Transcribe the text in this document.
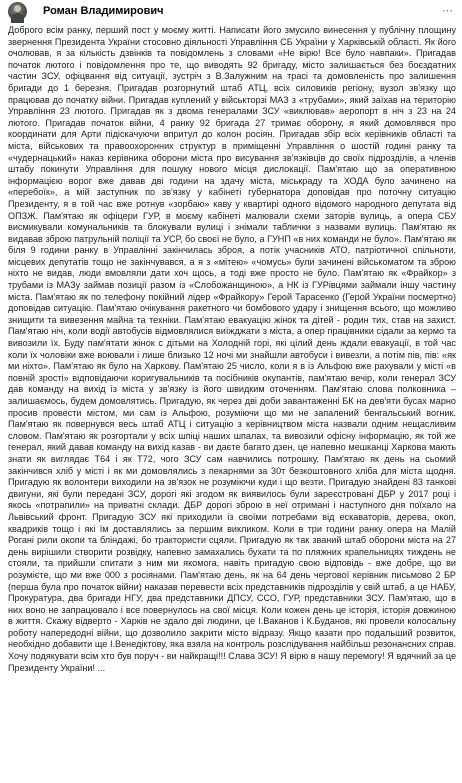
Роман Владимирович	⋯
Доброго всім ранку, перший пост у моєму житті. Написати його змусило винесення у публічну площину звернення Президента України стосовно діяльності Управління СБ України у Харківській області. Як його очолював, я за кількість дзвінків та повідомлень з словами «Не вірю! Все було навпаки». Пригадав початок лютого і повідомлення про те, що виводять 92 бригаду, місто залишається без боєздатних частин ЗСУ, офіцвання від ситуації, зустріч з В.Залужним на трасі та домовленість про залишення бригади до 1 березня. Пригадав розгорнутий штаб АТЦ, всіх силовиків регіону, вузол зв'язку що працював до початку війни. Пригадав куплений у військторзі МАЗ з «трубами», який заїхав на територію Управління 23 лютого. Пригадав як з двома генералами ЗСУ «виклював» аеропорт в ніч з 23 на 24 лютого. Пригадав початок війни, 4 ранку 92 бригада 27 тримає оборону, я який домовлявся про координати для Арти підіскачуючи впритул до колон росіян. Пригадав збір всіх керівників області та міста, військових та правоохоронних структур в приміщенні Управління о шостій годині ранку та «чудернацький» наказ керівника оборони міста про висування зв'язківців до своїх підрозділів, а членів штабу покинути Управління для пошуку нового місця дислокації. Пам'ятаю що за оперативною інформацією ворог вже давав дві години на здачу міста, міськраду та ХОДА було зачинено на «перебоїк», а мій заступник по зв'язку у кабінеті губернатора доповідав про поточну ситуацію Президенту, я в той час вже ротнув «зорбаю» каву у квартирі одного відомого народного депутата від ОПЗЖ. Пам'ятаю як офіцери ГУР, в моєму кабінеті малювали схеми заторів вулиць, а опера СБУ висмикували комунальників та блокували вулиці і знімали таблички з назвами вулиць. Пам'ятаю як видавав зброю патрульній поліції та УСР, бо своєї не було, а ГУНП «в них команди не було». Пам'ятаю як біля 9 години ранку в Управлінні закінчилась зброя, а потік учасників АТО, патріотичної спільноти, місцевих депутатів тощо не закінчувався, а я з «мітею» «чомусь» були зачинені військоматом та зброю ніхто не видав, люди вмовляли дати хоч щось, а тоді вже просто не було. Пам'ятаю як «Фрайкор» з трубами із МАЗу займав позиції разом із «Слобожанщиною», а НК із ГУРівцями займали іншу частину міста. Пам'ятаю як по телефону покійний лідер «Фрайкору» Герой Тарасенко (Герой України посмертно) доповідав ситуацію. Пам'ятаю очікування ракетного чи бомбового удару і знищення всього, що можливо знищити та вивезення майна та техніки. Пам'ятаю евакуацію жінок та дітей - родин тих, став на захист. Пам'ятаю ніч, коли водії автобусів відмовлялися виїжджати з міста, а опер працівники сідали за кермо та вивозили їх. Буду пам'ятати жінок с дітьми на Холодній горі, які цілий день ждали евакуації, в той час коли їх чоловіки вже воювали і лише близько 12 ночі ми знайшли автобуси і вивезли, а потім пів, пів: «як ми ніхто». Пам'ятаю як було на Харкову. Пам'ятаю 25 число, коли я в із Альфою вже рахували у місті «в повній зрості» відповідаючи коригувальників та посібників окупантів, пам'ятаю вечір, коли генерал ЗСУ дав команду на вихід із міста у зв'язку із його швидким оточенням. Пам'ятаю слова полковника – залишаємось, будем домовлятись. Пригадую, як через дві доби завантаженні БК на дев'яти бусах марно просив провести містом, ми сам із Альфою, розуміючи що ми не запалений бенгальський вогник. Пам'ятаю як повернувся весь штаб АТЦ і ситуацію з керівництвом міста назвали одним нещасливим словом. Пам'ятаю як розгортали у всіх шпіці наших шпалах, та вивозили офісну інформацію, як той же генерал, який давав команду на вихід казав - ви даєте багато дзен, це напевно мешканці Харкова мають знати як виглядає Т64 і як Т72, чого ЗСУ сам навчились потрошку. Пам'ятаю як день на сьомий закінчився хліб у місті і як ми домовлялись з пекарнями за 30т безкоштовного хліба для міста щодня. Пригадую як волонтери виходили на зв'язок не розуміючи куди і що везти. Пригадую знайдені 83 танкові двигуни, які були передані ЗСУ, дорогі які згодом як виявилось були зареєстровані ДБР у 2017 році і якось «потрапили» на приватні склади. ДБР дорогі зброю в неї отримані і наступного дня поїхало на Львівський фронт. Пригадую ЗСУ які приходили із своїми потребами від ескаваторів, дерева, окоп, квадриків тощо і які їм доставлялись за першим викликом. Коли в три години ранку опера на Малій Рогані рили окопи та бліндажі, бо трактористи сцяли. Пригадую як так званий штаб оборони міста на 27 день вирішили створити розвідку, напевно замахались бухати та по пляжних крапельницях тиждень не стояли, та прийшли спитати з ним ми якомога, навіть пригадую свою відповідь - вже добре, що ви розумієте, що ми вже 000 з росіянами. Пам'ятаю день, як на 64 день чергової керівник письмово 2 БР (перша була про початок війни) наказав перевести всіх представників підрозділів у свій штаб, а це НАБУ, Прокуратура, два бригади НГУ, два представники ДПСУ, ССО, ГУР, представники ЗСУ. Пам'ятаю, що в них воно не запрацювало і все повернулось на свої місця. Коли кожен день це історія, історія довжиною в життя. Скажу відверто - Харків не здало дві людини, це І.Ваканов і К.Буданов, які провели колосальну роботу напередодні війни, що дозволило закрити місто відразу. Якщо казати про подальший розвиток, необхідно добавити ще І.Венедіктову, яка взяла на контроль розслідування найбільш резонансних справ. Хочу подякувати всім хто був поруч - ви найкращі!!! Слава ЗСУ! Я вірю в нашу перемогу! Я вдячний за це Президенту України! ...
